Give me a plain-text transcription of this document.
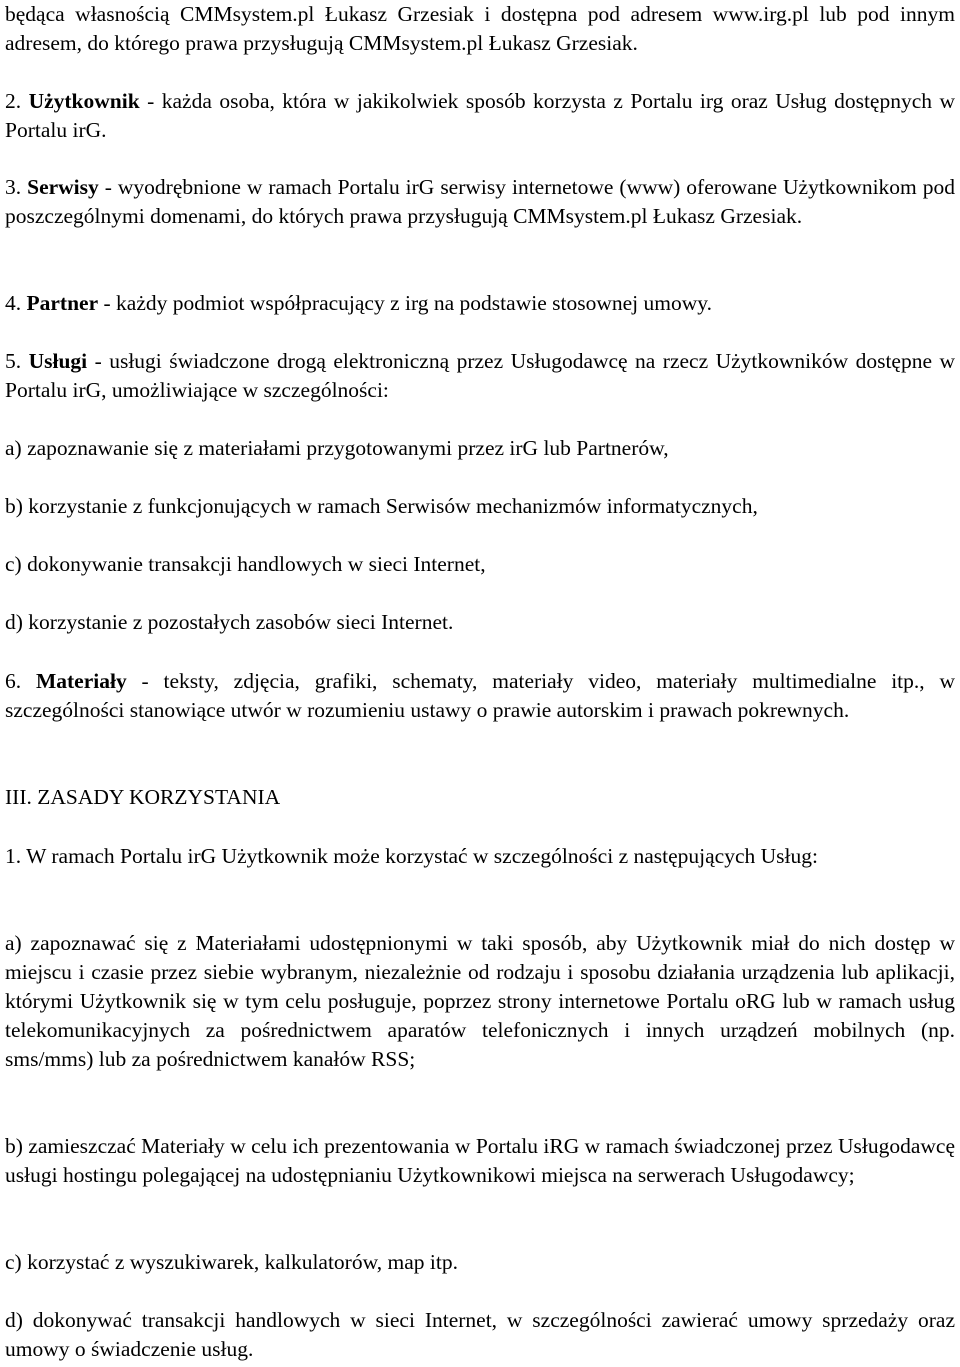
będąca własnością CMMsystem.pl Łukasz Grzesiak i dostępna pod adresem www.irg.pl lub pod innym adresem, do którego prawa przysługują CMMsystem.pl Łukasz Grzesiak.

2. Użytkownik - każda osoba, która w jakikolwiek sposób korzysta z Portalu irg oraz Usług dostępnych w Portalu irG.

3. Serwisy - wyodrębnione w ramach Portalu irG serwisy internetowe (www) oferowane Użytkownikom pod poszczególnymi domenami, do których prawa przysługują CMMsystem.pl Łukasz Grzesiak.

4. Partner - każdy podmiot współpracujący z irg na podstawie stosownej umowy.

5. Usługi - usługi świadczone drogą elektroniczną przez Usługodawcę na rzecz Użytkowników dostępne w Portalu irG, umożliwiające w szczególności:

a) zapoznawanie się z materiałami przygotowanymi przez irG lub Partnerów,

b) korzystanie z funkcjonujących w ramach Serwisów mechanizmów informatycznych,

c) dokonywanie transakcji handlowych w sieci Internet,

d) korzystanie z pozostałych zasobów sieci Internet.

6. Materiały - teksty, zdjęcia, grafiki, schematy, materiały video, materiały multimedialne itp., w szczególności stanowiące utwór w rozumieniu ustawy o prawie autorskim i prawach pokrewnych.

III. ZASADY KORZYSTANIA

1. W ramach Portalu irG Użytkownik może korzystać w szczególności z następujących Usług:

a) zapoznawać się z Materiałami udostępnionymi w taki sposób, aby Użytkownik miał do nich dostęp w miejscu i czasie przez siebie wybranym, niezależnie od rodzaju i sposobu działania urządzenia lub aplikacji, którymi Użytkownik się w tym celu posługuje, poprzez strony internetowe Portalu oRG lub w ramach usług telekomunikacyjnych za pośrednictwem aparatów telefonicznych i innych urządzeń mobilnych (np. sms/mms) lub za pośrednictwem kanałów RSS;

b) zamieszczać Materiały w celu ich prezentowania w Portalu iRG w ramach świadczonej przez Usługodawcę usługi hostingu polegającej na udostępnianiu Użytkownikowi miejsca na serwerach Usługodawcy;

c) korzystać z wyszukiwarek, kalkulatorów, map itp.

d) dokonywać transakcji handlowych w sieci Internet, w szczególności zawierać umowy sprzedaży oraz umowy o świadczenie usług.
